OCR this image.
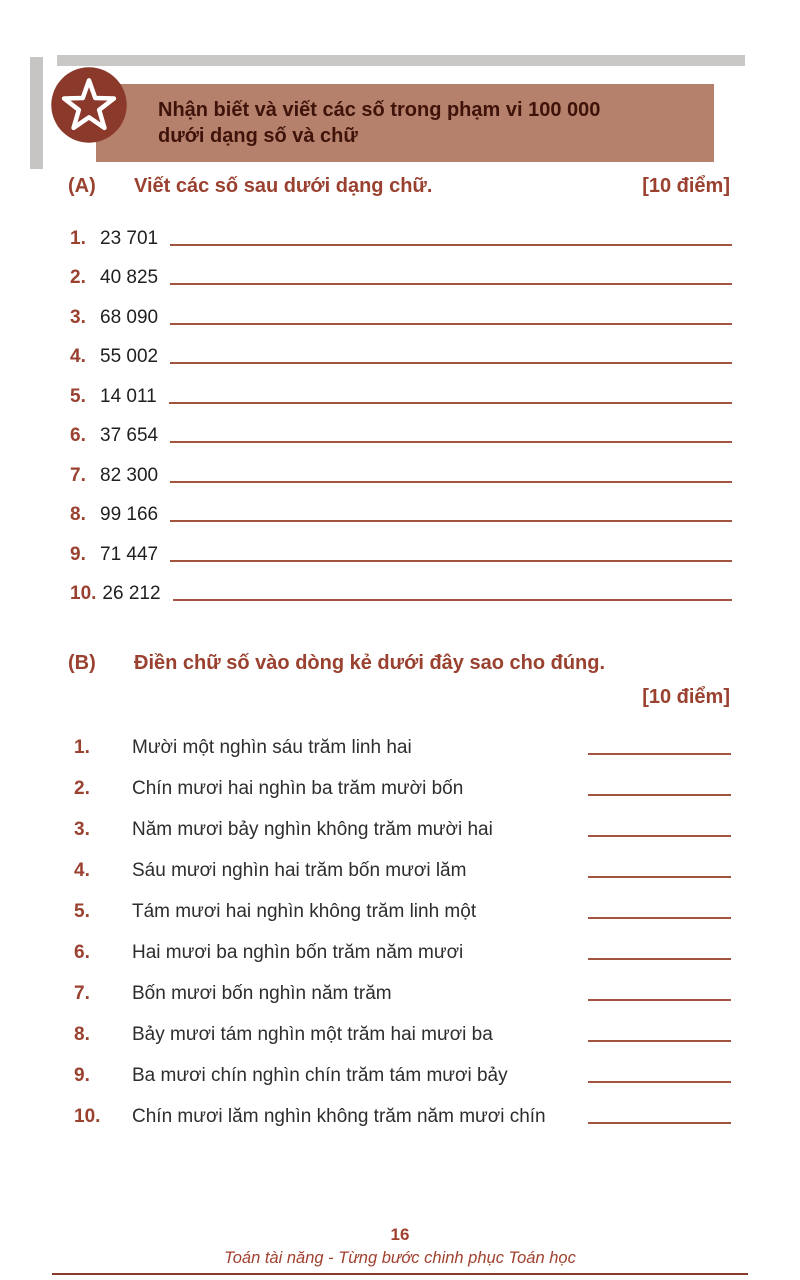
Nhận biết và viết các số trong phạm vi 100 000
dưới dạng số và chữ
(A)	Viết các số sau dưới dạng chữ.	[10 điểm]
1. 23 701
2. 40 825
3. 68 090
4. 55 002
5. 14 011
6. 37 654
7. 82 300
8. 99 166
9. 71 447
10. 26 212
(B)	Điền chữ số vào dòng kẻ dưới đây sao cho đúng.
[10 điểm]
1.	Mười một nghìn sáu trăm linh hai
2.	Chín mươi hai nghìn ba trăm mười bốn
3.	Năm mươi bảy nghìn không trăm mười hai
4.	Sáu mươi nghìn hai trăm bốn mươi lăm
5.	Tám mươi hai nghìn không trăm linh một
6.	Hai mươi ba nghìn bốn trăm năm mươi
7.	Bốn mươi bốn nghìn năm trăm
8.	Bảy mươi tám nghìn một trăm hai mươi ba
9.	Ba mươi chín nghìn chín trăm tám mươi bảy
10.	Chín mươi lăm nghìn không trăm năm mươi chín
16
Toán tài năng - Từng bước chinh phục Toán học
